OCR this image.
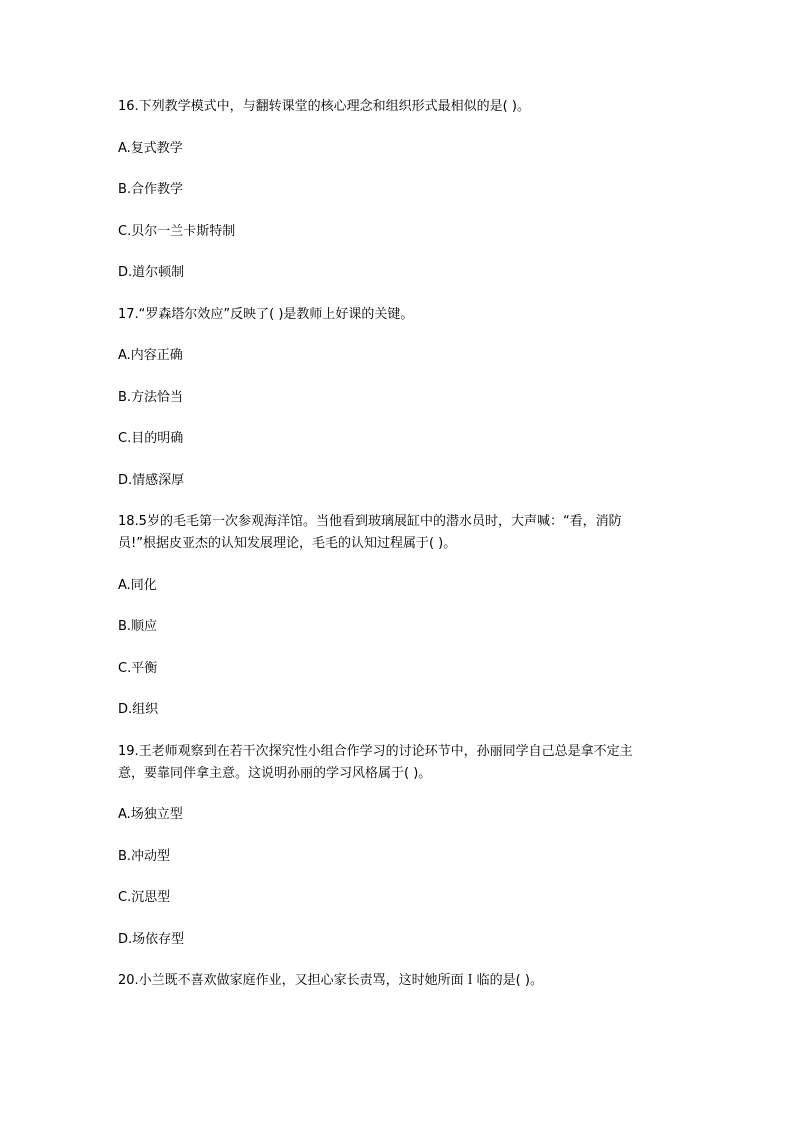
16.下列教学模式中，与翻转课堂的核心理念和组织形式最相似的是( )。
A.复式教学
B.合作教学
C.贝尔一兰卡斯特制
D.道尔顿制
17.“罗森塔尔效应”反映了( )是教师上好课的关键。
A.内容正确
B.方法恰当
C.目的明确
D.情感深厚
18.5岁的毛毛第一次参观海洋馆。当他看到玻璃展缸中的潜水员时，大声喊：“看，消防
员!”根据皮亚杰的认知发展理论，毛毛的认知过程属于( )。
A.同化
B.顺应
C.平衡
D.组织
19.王老师观察到在若干次探究性小组合作学习的讨论环节中，孙丽同学自己总是拿不定主
意，要靠同伴拿主意。这说明孙丽的学习风格属于( )。
A.场独立型
B.冲动型
C.沉思型
D.场依存型
20.小兰既不喜欢做家庭作业，又担心家长责骂，这时她所面Ｉ临的是( )。
